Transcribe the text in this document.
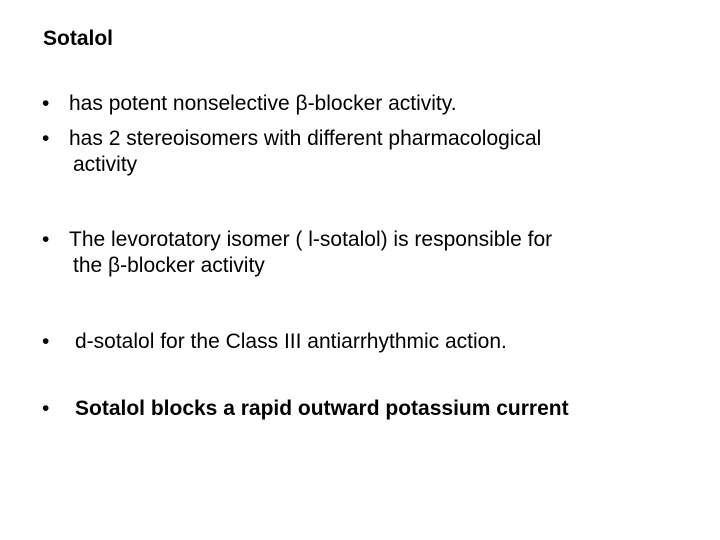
Sotalol
• has potent nonselective β-blocker activity.
• has 2 stereoisomers with different pharmacological
activity
• The levorotatory isomer ( l-sotalol) is responsible for
the β-blocker activity
• d-sotalol for the Class III antiarrhythmic action.
• Sotalol blocks a rapid outward potassium current
